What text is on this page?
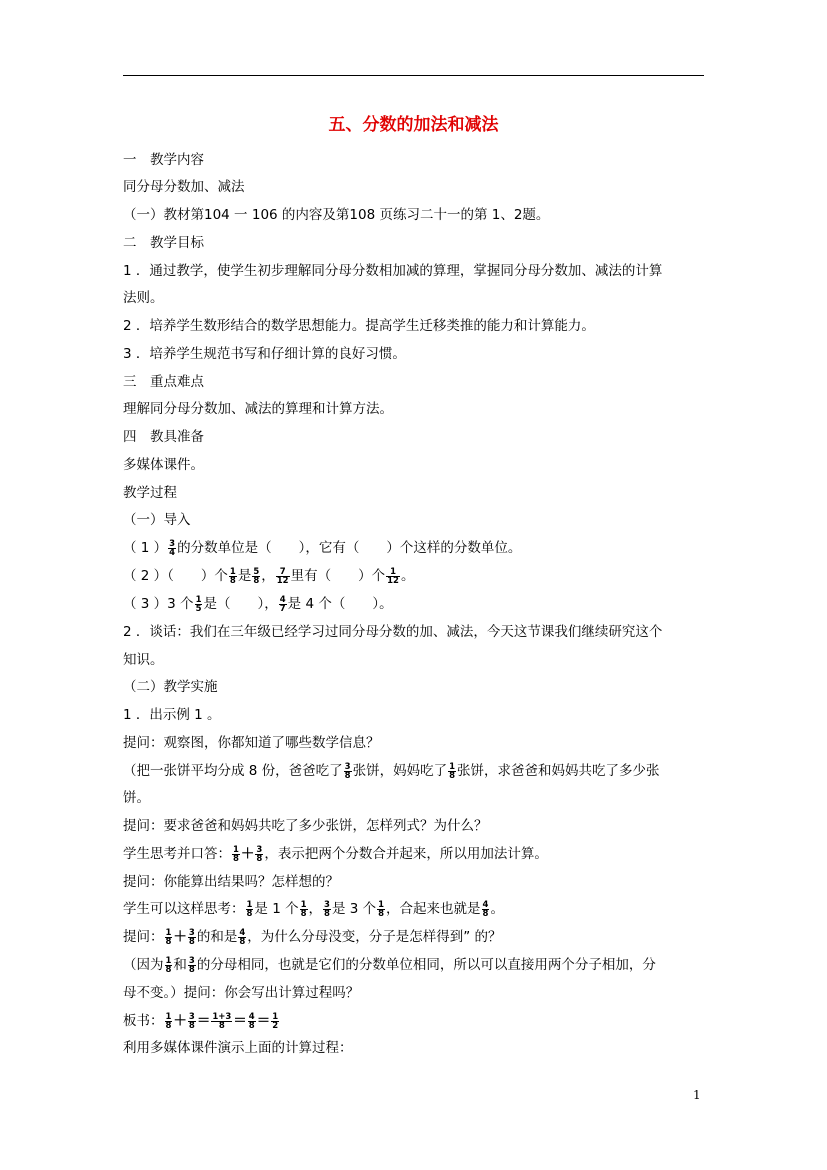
五、分数的加法和减法
一　教学内容
同分母分数加、减法
（一）教材第104 一 106 的内容及第108 页练习二十一的第 1、2题。
二　教学目标
1 ．通过教学，使学生初步理解同分母分数相加减的算理，掌握同分母分数加、减法的计算
法则。
2 ．培养学生数形结合的数学思想能力。提高学生迁移类推的能力和计算能力。
3 ．培养学生规范书写和仔细计算的良好习惯。
三　重点难点
理解同分母分数加、减法的算理和计算方法。
四　教具准备
多媒体课件。
教学过程
（一）导入
（ 1 ） $\frac{3}{4}$ 的分数单位是（　　），它有（　　）个这样的分数单位。
（ 2 ）（　　）个 $\frac{1}{8}$ 是 $\frac{5}{8}$ ， $\frac{7}{12}$ 里有（　　）个 $\frac{1}{12}$ 。
（ 3 ）3 个 $\frac{1}{5}$ 是（　　）， $\frac{4}{7}$ 是 4 个（　　）。
2 ．谈话：我们在三年级已经学习过同分母分数的加、减法，今天这节课我们继续研究这个
知识。
（二）教学实施
1 ．出示例 1 。
提问：观察图，你都知道了哪些数学信息？
（把一张饼平均分成 8 份，爸爸吃了 $\frac{3}{8}$ 张饼，妈妈吃了 $\frac{1}{8}$ 张饼，求爸爸和妈妈共吃了多少张
饼。
提问：要求爸爸和妈妈共吃了多少张饼，怎样列式？为什么？
学生思考并口答： $\frac{1}{8} + \frac{3}{8}$ ，表示把两个分数合并起来，所以用加法计算。
提问：你能算出结果吗？怎样想的？
学生可以这样思考： $\frac{1}{8}$ 是 1 个 $\frac{1}{8}$ ， $\frac{3}{8}$ 是 3 个 $\frac{1}{8}$ ，合起来也就是 $\frac{4}{8}$ 。
提问： $\frac{1}{8} + \frac{3}{8}$ 的和是 $\frac{4}{8}$ ，为什么分母没变，分子是怎样得到” 的？
（因为 $\frac{1}{8}$ 和 $\frac{3}{8}$ 的分母相同，也就是它们的分数单位相同，所以可以直接用两个分子相加，分
母不变。）提问：你会写出计算过程吗？
板书： $\frac{1}{8} + \frac{3}{8} = \frac{1+3}{8} = \frac{4}{8} = \frac{1}{2}$
利用多媒体课件演示上面的计算过程：
1
